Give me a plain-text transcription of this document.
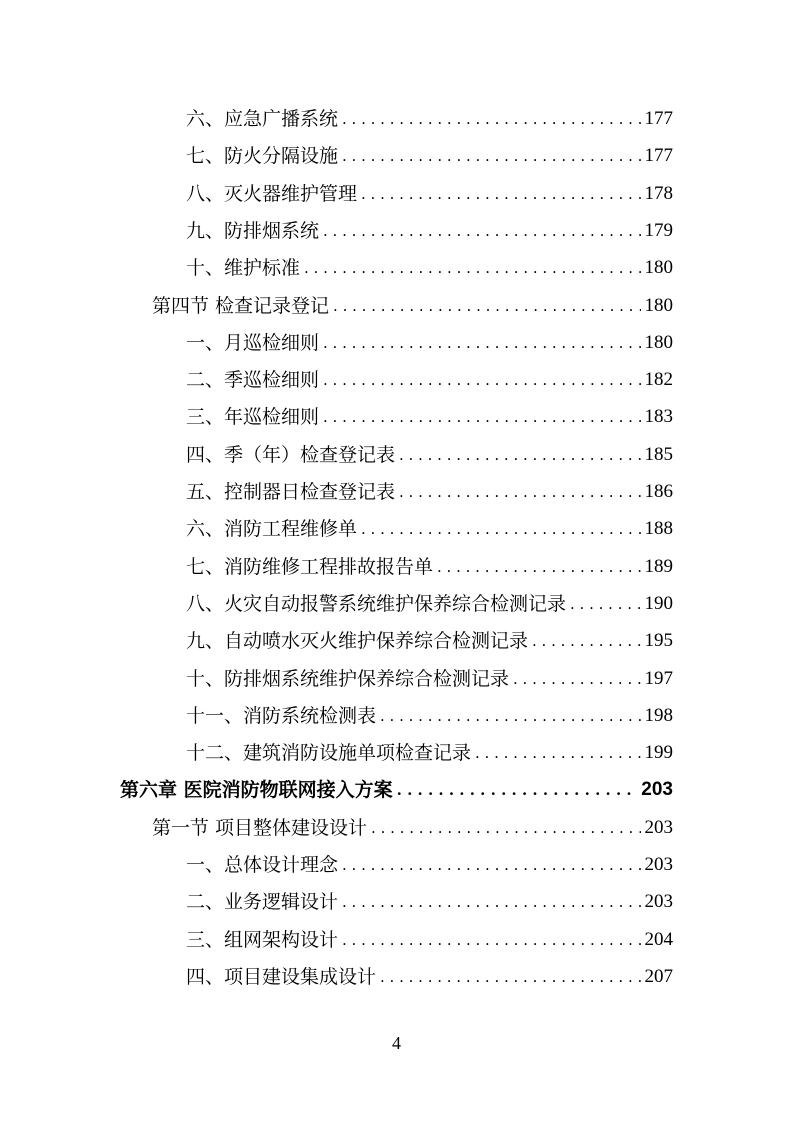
六、应急广播系统 . . .	177
七、防火分隔设施 . . .	177
八、灭火器维护管理 . . .	178
九、防排烟系统 . . .	179
十、维护标准 . . .	180
第四节 检查记录登记 . . .	180
一、月巡检细则 . . .	180
二、季巡检细则 . . .	182
三、年巡检细则 . . .	183
四、季（年）检查登记表 . . .	185
五、控制器日检查登记表 . . .	186
六、消防工程维修单 . . .	188
七、消防维修工程排故报告单 . . .	189
八、火灾自动报警系统维护保养综合检测记录 . . .	190
九、自动喷水灭火维护保养综合检测记录 . . .	195
十、防排烟系统维护保养综合检测记录 . . .	197
十一、消防系统检测表 . . .	198
十二、建筑消防设施单项检查记录 . . .	199
第六章 医院消防物联网接入方案 . . .	203
第一节 项目整体建设设计 . . .	203
一、总体设计理念 . . .	203
二、业务逻辑设计 . . .	203
三、组网架构设计 . . .	204
四、项目建设集成设计 . . .	207
4
